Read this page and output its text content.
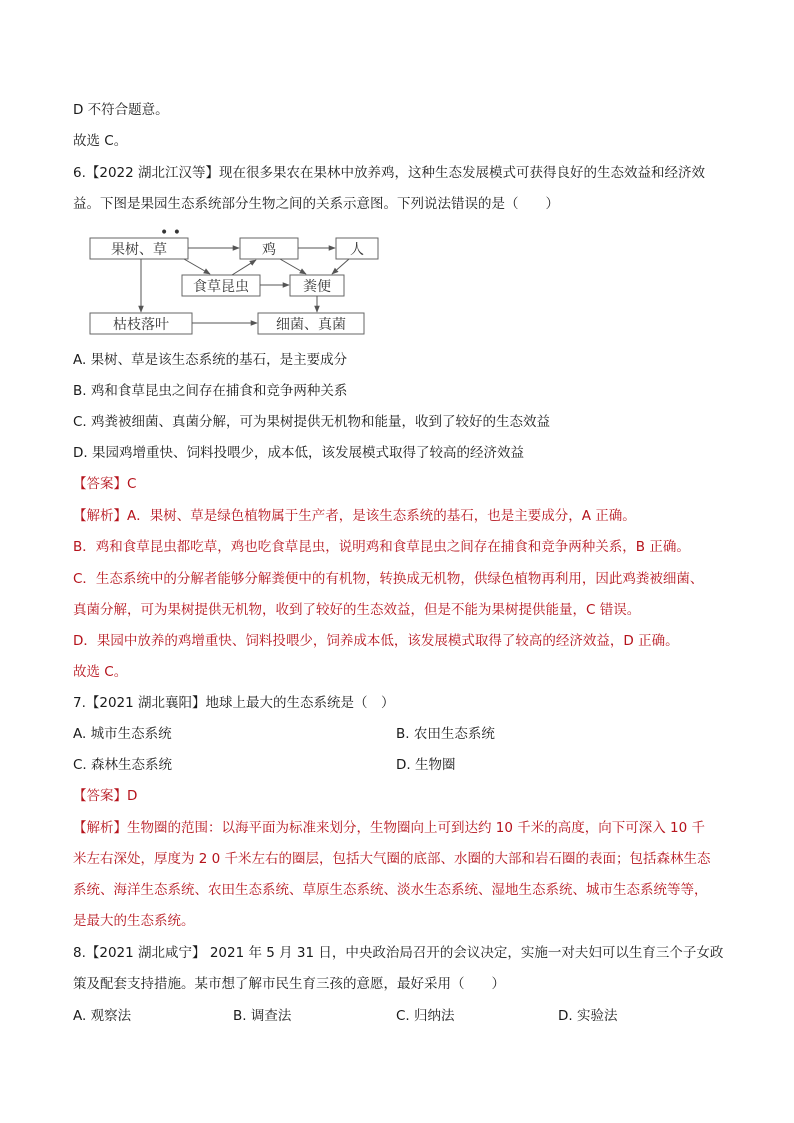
D 不符合题意。
故选 C。
6.【2022 湖北江汉等】现在很多果农在果林中放养鸡，这种生态发展模式可获得良好的生态效益和经济效
益。下图是果园生态系统部分生物之间的关系示意图。下列说法错误的是（　　）
• •
果树、草	鸡	人
食草昆虫	粪便
枯枝落叶	细菌、真菌
A. 果树、草是该生态系统的基石，是主要成分
B. 鸡和食草昆虫之间存在捕食和竞争两种关系
C. 鸡粪被细菌、真菌分解，可为果树提供无机物和能量，收到了较好的生态效益
D. 果园鸡增重快、饲料投喂少，成本低，该发展模式取得了较高的经济效益
【答案】C
【解析】A．果树、草是绿色植物属于生产者，是该生态系统的基石，也是主要成分，A 正确。
B．鸡和食草昆虫都吃草，鸡也吃食草昆虫，说明鸡和食草昆虫之间存在捕食和竞争两种关系，B 正确。
C．生态系统中的分解者能够分解粪便中的有机物，转换成无机物，供绿色植物再利用，因此鸡粪被细菌、
真菌分解，可为果树提供无机物，收到了较好的生态效益，但是不能为果树提供能量，C 错误。
D．果园中放养的鸡增重快、饲料投喂少，饲养成本低，该发展模式取得了较高的经济效益，D 正确。
故选 C。
7.【2021 湖北襄阳】地球上最大的生态系统是（　）
A. 城市生态系统	B. 农田生态系统
C. 森林生态系统	D. 生物圈
【答案】D
【解析】生物圈的范围：以海平面为标准来划分，生物圈向上可到达约 10 千米的高度，向下可深入 10 千
米左右深处，厚度为 2 0 千米左右的圈层，包括大气圈的底部、水圈的大部和岩石圈的表面；包括森林生态
系统、海洋生态系统、农田生态系统、草原生态系统、淡水生态系统、湿地生态系统、城市生态系统等等，
是最大的生态系统。
8.【2021 湖北咸宁】 2021 年 5 月 31 日，中央政治局召开的会议决定，实施一对夫妇可以生育三个子女政
策及配套支持措施。某市想了解市民生育三孩的意愿，最好采用（　　）
A. 观察法	B. 调查法	C. 归纳法	D. 实验法
